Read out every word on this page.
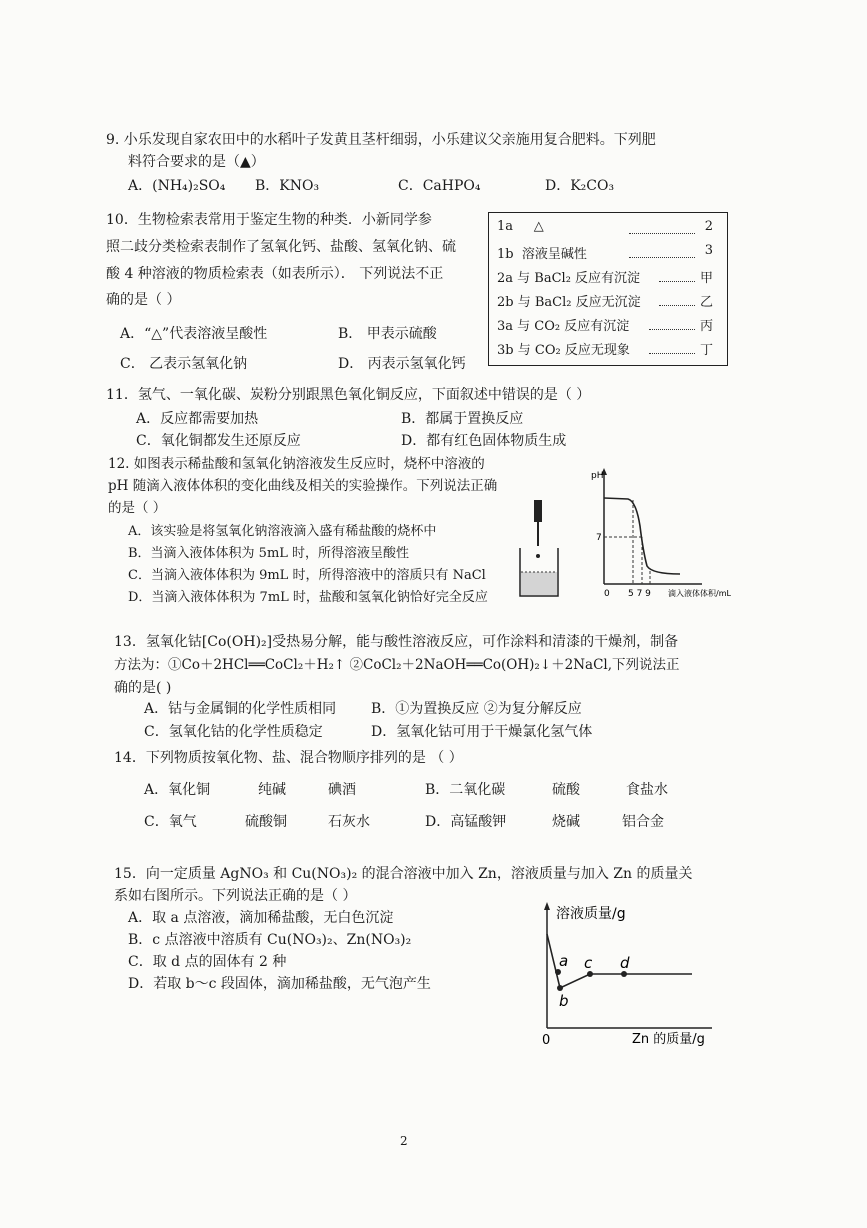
9. 小乐发现自家农田中的水稻叶子发黄且茎杆细弱，小乐建议父亲施用复合肥料。下列肥
料符合要求的是（▲）
A．(NH₄)₂SO₄ B．KNO₃	C．CaHPO₄	D．K₂CO₃
10．生物检索表常用于鉴定生物的种类．小新同学参
照二歧分类检索表制作了氢氧化钙、盐酸、氢氧化钠、硫
酸 4 种溶液的物质检索表（如表所示）． 下列说法不正
确的是（ ）
A．“△”代表溶液呈酸性	B． 甲表示硫酸
C． 乙表示氢氧化钠	D． 丙表示氢氧化钙
1a △	2
1b 溶液呈碱性	3
2a 与 BaCl₂ 反应有沉淀	甲
2b 与 BaCl₂ 反应无沉淀	乙
3a 与 CO₂ 反应有沉淀	丙
3b 与 CO₂ 反应无现象	丁
11．氢气、一氧化碳、炭粉分别跟黑色氧化铜反应，下面叙述中错误的是（ ）
A．反应都需要加热	B．都属于置换反应
C．氧化铜都发生还原反应	D．都有红色固体物质生成
12. 如图表示稀盐酸和氢氧化钠溶液发生反应时，烧杯中溶液的
pH 随滴入液体体积的变化曲线及相关的实验操作。下列说法正确
的是（ ）
A．该实验是将氢氧化钠溶液滴入盛有稀盐酸的烧杯中
B．当滴入液体体积为 5mL 时，所得溶液呈酸性
C．当滴入液体体积为 9mL 时，所得溶液中的溶质只有 NaCl
D．当滴入液体体积为 7mL 时，盐酸和氢氧化钠恰好完全反应
pH
7
0 5 7 9 滴入液体体积/mL
13．氢氧化钴[Co(OH)₂]受热易分解，能与酸性溶液反应，可作涂料和清漆的干燥剂，制备
方法为：①Co＋2HCl══CoCl₂＋H₂↑ ②CoCl₂＋2NaOH══Co(OH)₂↓＋2NaCl,下列说法正
确的是( )
A．钴与金属铜的化学性质相同 B．①为置换反应 ②为复分解反应
C．氢氧化钴的化学性质稳定	D．氢氧化钴可用于干燥氯化氢气体
14．下列物质按氧化物、盐、混合物顺序排列的是 （ ）
A．氧化铜	纯碱	碘酒	B．二氧化碳	硫酸	食盐水
C．氧气	硫酸铜	石灰水	D．高锰酸钾	烧碱	铝合金
15．向一定质量 AgNO₃ 和 Cu(NO₃)₂ 的混合溶液中加入 Zn，溶液质量与加入 Zn 的质量关
系如右图所示。下列说法正确的是（ ）
A．取 a 点溶液，滴加稀盐酸，无白色沉淀
B．c 点溶液中溶质有 Cu(NO₃)₂、Zn(NO₃)₂
C．取 d 点的固体有 2 种
D．若取 b～c 段固体，滴加稀盐酸，无气泡产生
溶液质量/g
0	Zn 的质量/g
a
b
c d
2
